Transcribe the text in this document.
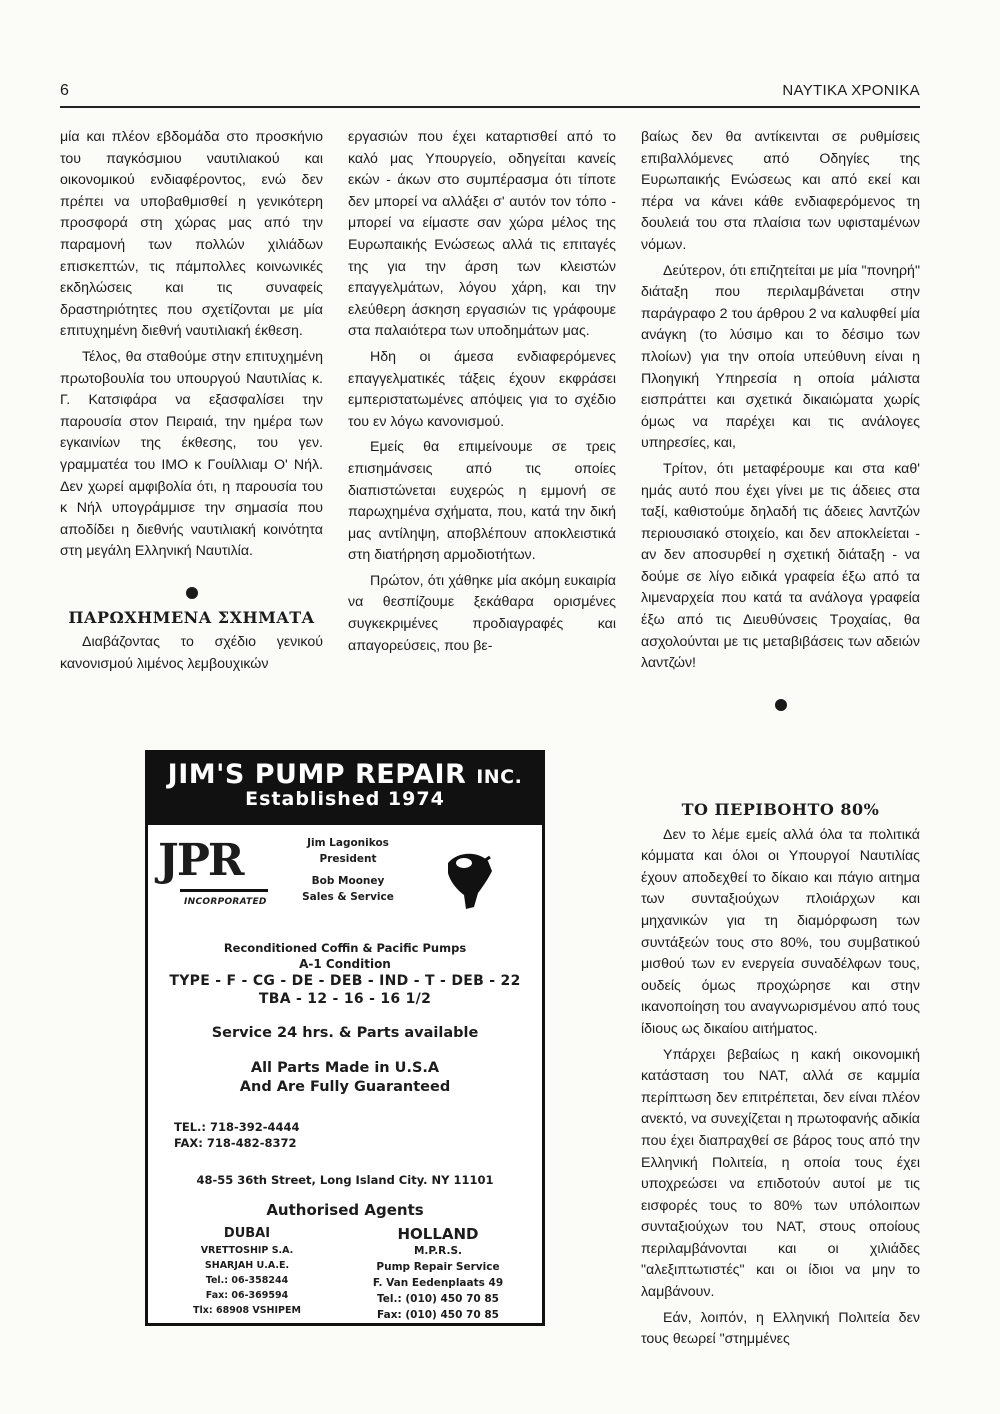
6	ΝΑΥΤΙΚΑ ΧΡΟΝΙΚΑ

μία και πλέον εβδομάδα στο προσκήνιο του παγκόσμιου ναυτιλιακού και οικονομικού ενδιαφέροντος, ενώ δεν πρέπει να υποβαθμισθεί η γενικότερη προσφορά στη χώρας μας από την παραμονή των πολλών χιλιάδων επισκεπτών, τις πάμπολλες κοινωνικές εκδηλώσεις και τις συναφείς δραστηριότητες που σχετίζονται με μία επιτυχημένη διεθνή ναυτιλιακή έκθεση.

Τέλος, θα σταθούμε στην επιτυχημένη πρωτοβουλία του υπουργού Ναυτιλίας κ. Γ. Κατσιφάρα να εξασφαλίσει την παρουσία στον Πειραιά, την ημέρα των εγκαινίων της έκθεσης, του γεν. γραμματέα του ΙΜΟ κ Γουίλλιαμ Ο' Νήλ. Δεν χωρεί αμφιβολία ότι, η παρουσία του κ Νήλ υπογράμμισε την σημασία που αποδίδει η διεθνής ναυτιλιακή κοινότητα στη μεγάλη Ελληνική Ναυτιλία.

ΠΑΡΩΧΗΜΕΝΑ ΣΧΗΜΑΤΑ

Διαβάζοντας το σχέδιο γενικού κανονισμού λιμένος λεμβουχικών

εργασιών που έχει καταρτισθεί από το καλό μας Υπουργείο, οδηγείται κανείς εκών - άκων στο συμπέρασμα ότι τίποτε δεν μπορεί να αλλάξει σ' αυτόν τον τόπο - μπορεί να είμαστε σαν χώρα μέλος της Ευρωπαικής Ενώσεως αλλά τις επιταγές της για την άρση των κλειστών επαγγελμάτων, λόγου χάρη, και την ελεύθερη άσκηση εργασιών τις γράφουμε στα παλαιότερα των υποδημάτων μας.

Ηδη οι άμεσα ενδιαφερόμενες επαγγελματικές τάξεις έχουν εκφράσει εμπεριστατωμένες απόψεις για το σχέδιο του εν λόγω κανονισμού.

Εμείς θα επιμείνουμε σε τρεις επισημάνσεις από τις οποίες διαπιστώνεται ευχερώς η εμμονή σε παρωχημένα σχήματα, που, κατά την δική μας αντίληψη, αποβλέπουν αποκλειστικά στη διατήρηση αρμοδιοτήτων.

Πρώτον, ότι χάθηκε μία ακόμη ευκαιρία να θεσπίζουμε ξεκάθαρα ορισμένες συγκεκριμένες προδιαγραφές και απαγορεύσεις, που βε-

βαίως δεν θα αντίκεινται σε ρυθμίσεις επιβαλλόμενες από Οδηγίες της Ευρωπαικής Ενώσεως και από εκεί και πέρα να κάνει κάθε ενδιαφερόμενος τη δουλειά του στα πλαίσια των υφισταμένων νόμων.

Δεύτερον, ότι επιζητείται με μία "πονηρή" διάταξη που περιλαμβάνεται στην παράγραφο 2 του άρθρου 2 να καλυφθεί μία ανάγκη (το λύσιμο και το δέσιμο των πλοίων) για την οποία υπεύθυνη είναι η Πλοηγική Υπηρεσία η οποία μάλιστα εισπράττει και σχετικά δικαιώματα χωρίς όμως να παρέχει και τις ανάλογες υπηρεσίες, και,

Τρίτον, ότι μεταφέρουμε και στα καθ' ημάς αυτό που έχει γίνει με τις άδειες στα ταξί, καθιστούμε δηλαδή τις άδειες λαντζών περιουσιακό στοιχείο, και δεν αποκλείεται - αν δεν αποσυρθεί η σχετική διάταξη - να δούμε σε λίγο ειδικά γραφεία έξω από τα λιμεναρχεία που κατά τα ανάλογα γραφεία έξω από τις Διευθύνσεις Τροχαίας, θα ασχολούνται με τις μεταβιβάσεις των αδειών λαντζών!

ΤΟ ΠΕΡΙΒΟΗΤΟ 80%

Δεν το λέμε εμείς αλλά όλα τα πολιτικά κόμματα και όλοι οι Υπουργοί Ναυτιλίας έχουν αποδεχθεί το δίκαιο και πάγιο αιτημα των συνταξιούχων πλοιάρχων και μηχανικών για τη διαμόρφωση των συντάξεών τους στο 80%, του συμβατικού μισθού των εν ενεργεία συναδέλφων τους, ουδείς όμως προχώρησε και στην ικανοποίηση του αναγνωρισμένου από τους ίδιους ως δικαίου αιτήματος.

Υπάρχει βεβαίως η κακή οικονομική κατάσταση του ΝΑΤ, αλλά σε καμμία περίπτωση δεν επιτρέπεται, δεν είναι πλέον ανεκτό, να συνεχίζεται η πρωτοφανής αδικία που έχει διαπραχθεί σε βάρος τους από την Ελληνική Πολιτεία, η οποία τους έχει υποχρεώσει να επιδοτούν αυτοί με τις εισφορές τους το 80% των υπόλοιπων συνταξιούχων του ΝΑΤ, στους οποίους περιλαμβάνονται και οι χιλιάδες "αλεξιπτωτιστές" και οι ίδιοι να μην το λαμβάνουν.

Εάν, λοιπόν, η Ελληνική Πολιτεία δεν τους θεωρεί "στημμένες

JIM'S PUMP REPAIR INC.
Established 1974
JPR
INCORPORATED
Jim Lagonikos
President
Bob Mooney
Sales & Service
Reconditioned Coffin & Pacific Pumps
A-1 Condition
TYPE - F - CG - DE - DEB - IND - T - DEB - 22
TBA - 12 - 16 - 16 1/2
Service 24 hrs. & Parts available
All Parts Made in U.S.A
And Are Fully Guaranteed
TEL.: 718-392-4444
FAX: 718-482-8372
48-55 36th Street, Long Island City. NY 11101
Authorised Agents
DUBAI
VRETTOSHIP S.A.
SHARJAH U.A.E.
Tel.: 06-358244
Fax: 06-369594
Tlx: 68908 VSHIPEM
HOLLAND
M.P.R.S.
Pump Repair Service
F. Van Eedenplaats 49
Tel.: (010) 450 70 85
Fax: (010) 450 70 85
